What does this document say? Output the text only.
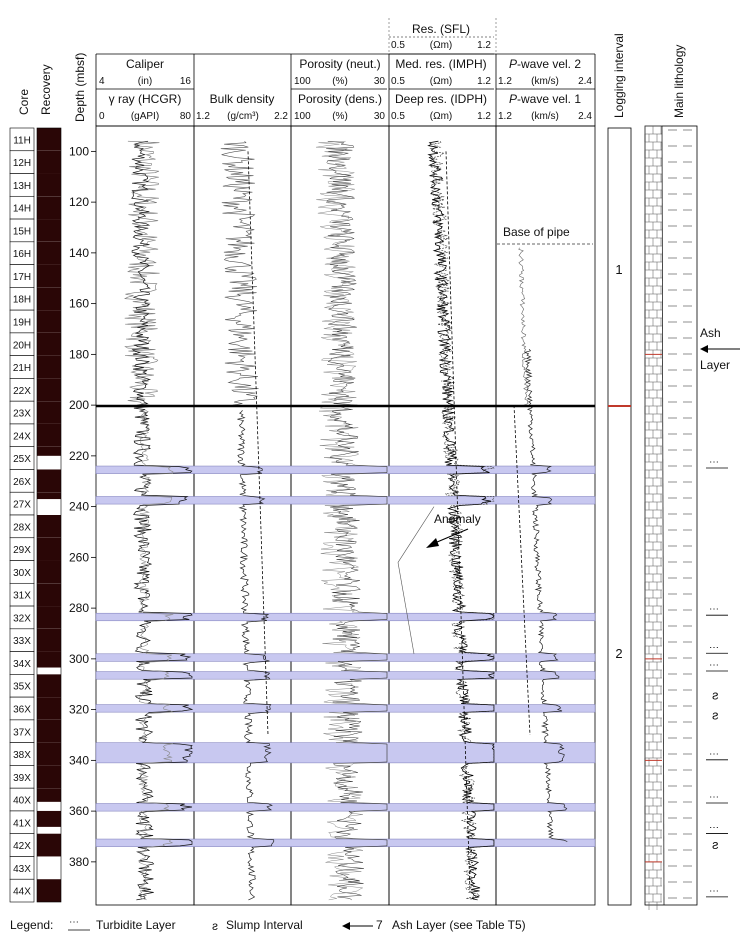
Core Recovery Depth (mbsf)	Logging interval	Main lithology
Caliper
4	(in)	16
γ ray (HCGR)
0	(gAPI) 80
Bulk density
1.2 (g/cm³) 2.2
Porosity (neut.)
100 (%)	30
Porosity (dens.)
100 (%)	30
Res. (SFL)
0.5 (Ωm) 1.2
Med. res. (IMPH)
0.5 (Ωm) 1.2
Deep res. (IDPH)
0.5 (Ωm) 1.2
P-wave vel. 2
1.2 (km/s) 2.4
P-wave vel. 1
1.2 (km/s) 2.4
100
120
140
160
180
200
220
240
260
280
300
320
340
360
380
11H
12H
13H
14H
15H
16H
17H
18H
19H
20H
21H
22X
23X
24X
25X
26X
27X
28X
29X
30X
31X
32X
33X
34X
35X
36X
37X
38X
39X
40X
41X
42X
43X
44X
1
2
⋯
⋯
⋯
⋯
ƨ
ƨ
⋯
⋯
⋯
ƨ
⋯
Base of pipe
Anomaly
Ash
Layer
Legend: ⋯ Turbidite Layer	ƨ Slump Interval	7 Ash Layer (see Table T5)
